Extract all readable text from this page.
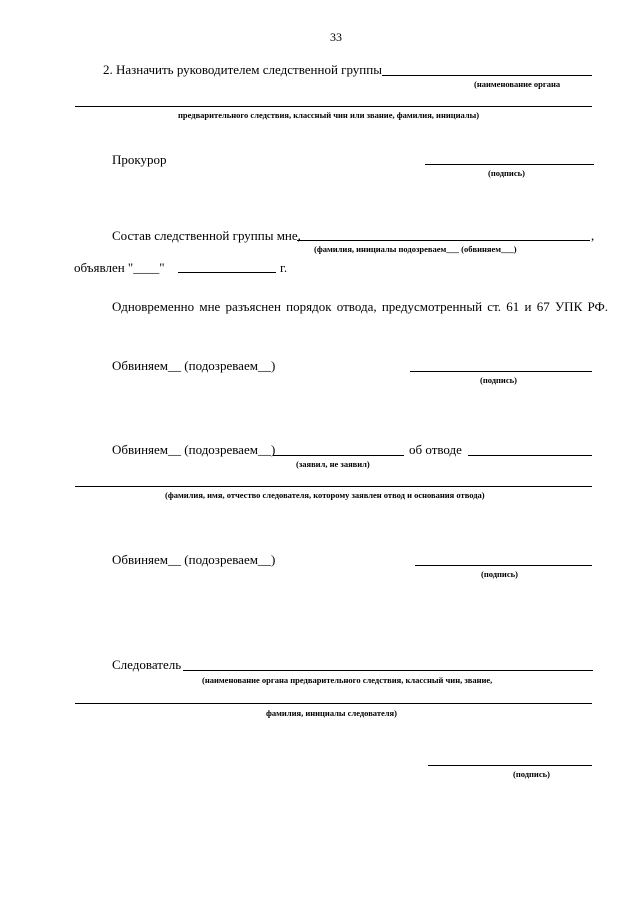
33
2. Назначить руководителем следственной группы
(наименование органа
предварительного следствия, классный чин или звание, фамилия, инициалы)
Прокурор
(подпись)
Состав следственной группы мне,	,
(фамилия, инициалы подозреваем___ (обвиняем___)
объявлен "____"	г.
Одновременно мне разъяснен порядок отвода, предусмотренный ст. 61 и 67 УПК РФ.
Обвиняем__ (подозреваем__)
(подпись)
Обвиняем__ (подозреваем__)	об отводе
(заявил, не заявил)
(фамилия, имя, отчество следователя, которому заявлен отвод и основания отвода)
Обвиняем__ (подозреваем__)
(подпись)
Следователь
(наименование органа предварительного следствия, классный чин, звание,
фамилия, инициалы следователя)
(подпись)
